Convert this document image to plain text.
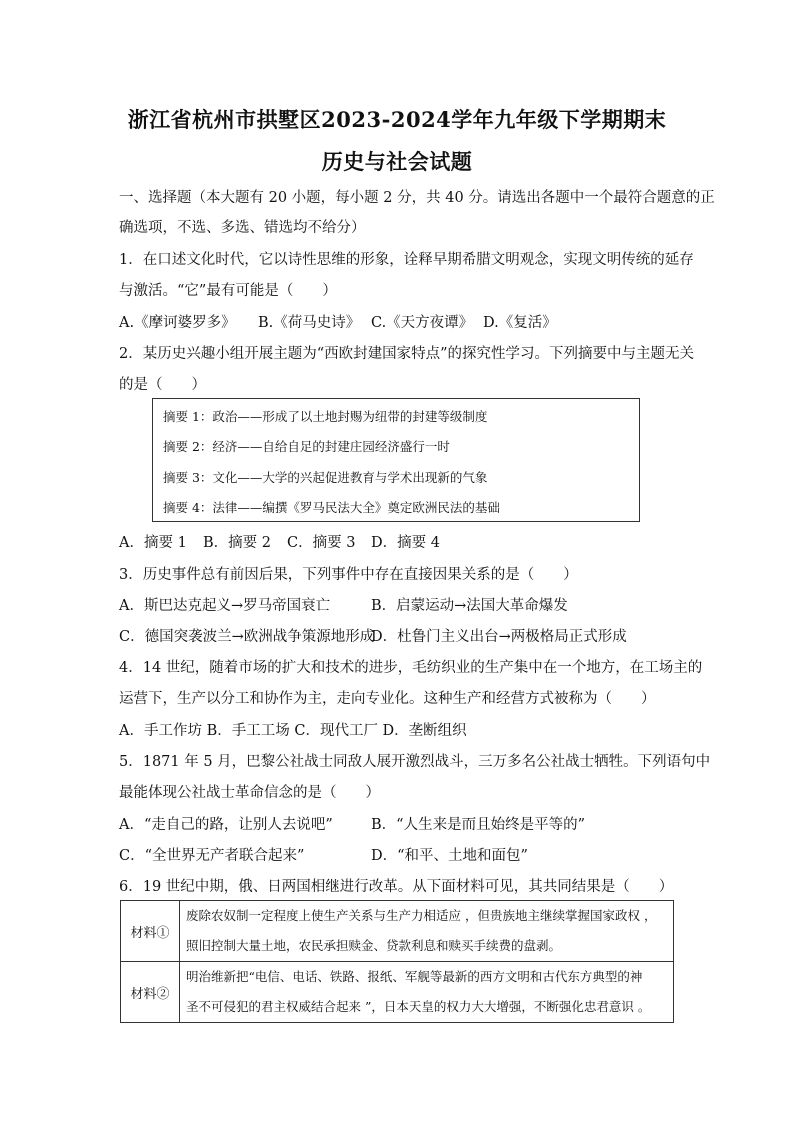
浙江省杭州市拱墅区2023-2024学年九年级下学期期末
历史与社会试题
一、选择题（本大题有 20 小题，每小题 2 分，共 40 分。请选出各题中一个最符合题意的正
确选项，不选、多选、错选均不给分）
1．在口述文化时代，它以诗性思维的形象，诠释早期希腊文明观念，实现文明传统的延存
与激活。“它”最有可能是（　　）
A.《摩诃婆罗多》 B.《荷马史诗》 C.《天方夜谭》 D.《复活》
2．某历史兴趣小组开展主题为“西欧封建国家特点”的探究性学习。下列摘要中与主题无关
的是（　　）
摘要 1：政治——形成了以土地封赐为纽带的封建等级制度
摘要 2：经济——自给自足的封建庄园经济盛行一时
摘要 3：文化——大学的兴起促进教育与学术出现新的气象
摘要 4：法律——编撰《罗马民法大全》奠定欧洲民法的基础
A．摘要 1 B．摘要 2 C．摘要 3 D．摘要 4
3．历史事件总有前因后果，下列事件中存在直接因果关系的是（　　）
A．斯巴达克起义→罗马帝国衰亡	B．启蒙运动→法国大革命爆发
C．德国突袭波兰→欧洲战争策源地形成
D．杜鲁门主义出台→两极格局正式形成
4．14 世纪，随着市场的扩大和技术的进步，毛纺织业的生产集中在一个地方，在工场主的
运营下，生产以分工和协作为主，走向专业化。这种生产和经营方式被称为（　　）
A．手工作坊 B．手工工场 C．现代工厂 D．垄断组织
5．1871 年 5 月，巴黎公社战士同敌人展开激烈战斗，三万多名公社战士牺牲。下列语句中
最能体现公社战士革命信念的是（　　）
A．“走自己的路，让别人去说吧”	B．“人生来是而且始终是平等的”
C．“全世界无产者联合起来”	D．“和平、土地和面包”
6．19 世纪中期，俄、日两国相继进行改革。从下面材料可见，其共同结果是（　　）
材料①	废除农奴制一定程度上使生产关系与生产力相适应 ，但贵族地主继续掌握国家政权 ，
照旧控制大量土地，农民承担赎金、贷款利息和赎买手续费的盘剥。

材料②	明治维新把“电信、电话、铁路、报纸、军舰等最新的西方文明和古代东方典型的神
圣不可侵犯的君主权威结合起来 ”，日本天皇的权力大大增强，不断强化忠君意识 。
